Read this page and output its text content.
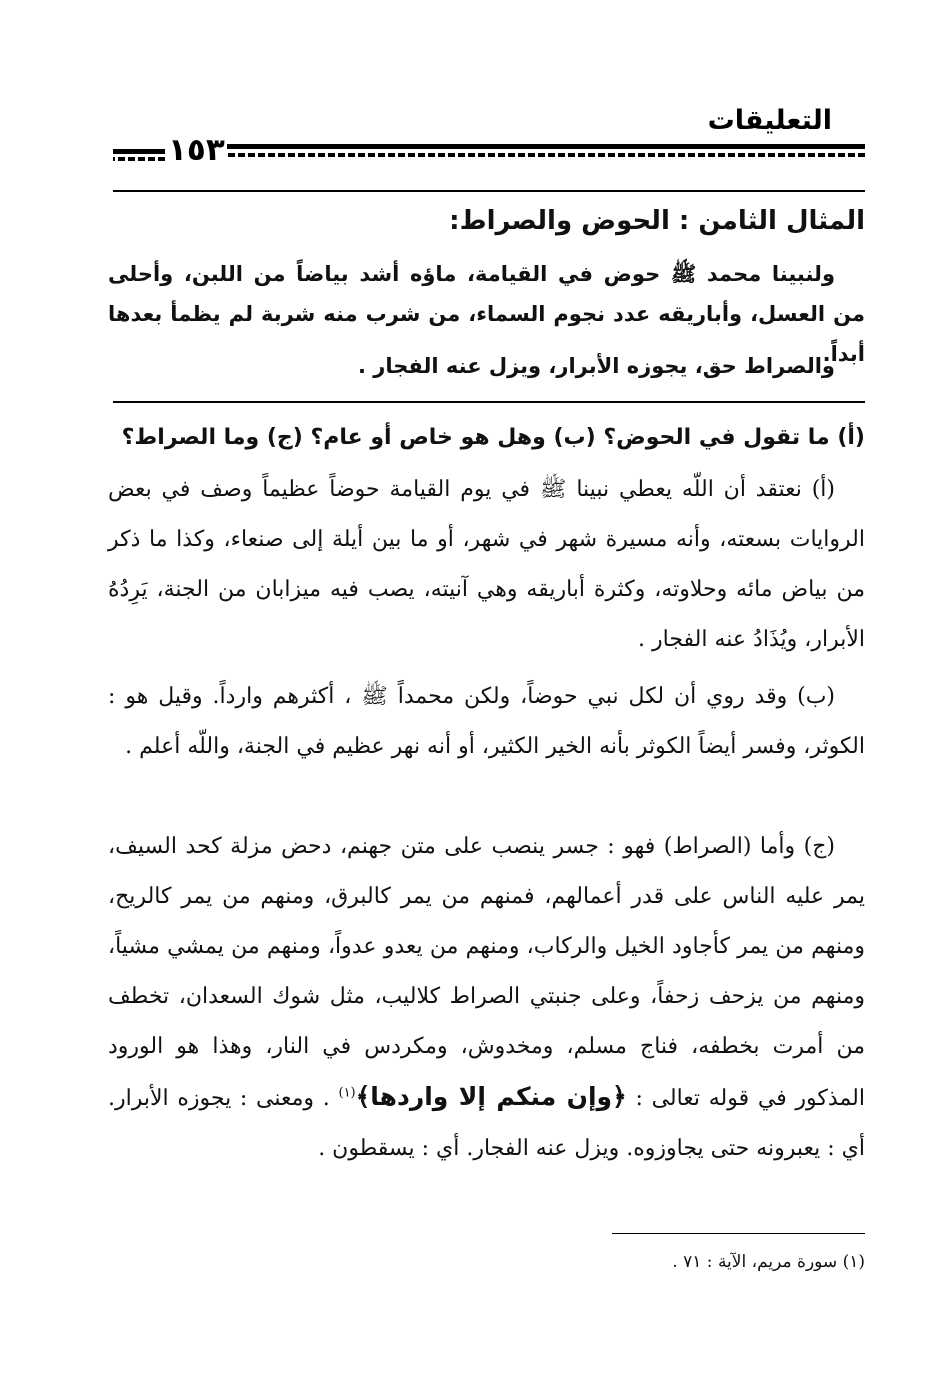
التعليقات
١٥٣
المثال الثامن : الحوض والصراط:

ولنبينا محمد ﷺ حوض في القيامة، ماؤه أشد بياضاً من اللبن، وأحلى من العسل، وأباريقه عدد نجوم السماء، من شرب منه شربة لم يظمأ بعدها أبداً.

والصراط حق، يجوزه الأبرار، ويزل عنه الفجار .

(أ) ما تقول في الحوض؟ (ب) وهل هو خاص أو عام؟ (ج) وما الصراط؟

(أ) نعتقد أن اللّه يعطي نبينا ﷺ في يوم القيامة حوضاً عظيماً وصف في بعض الروايات بسعته، وأنه مسيرة شهر في شهر، أو ما بين أيلة إلى صنعاء، وكذا ما ذكر من بياض مائه وحلاوته، وكثرة أباريقه وهي آنيته، يصب فيه ميزابان من الجنة، يَرِدُهُ الأبرار، ويُذَادُ عنه الفجار .

(ب) وقد روي أن لكل نبي حوضاً، ولكن محمداً ﷺ ، أكثرهم وارداً. وقيل هو : الكوثر، وفسر أيضاً الكوثر بأنه الخير الكثير، أو أنه نهر عظيم في الجنة، واللّه أعلم .

(ج) وأما (الصراط) فهو : جسر ينصب على متن جهنم، دحض مزلة كحد السيف، يمر عليه الناس على قدر أعمالهم، فمنهم من يمر كالبرق، ومنهم من يمر كالريح، ومنهم من يمر كأجاود الخيل والركاب، ومنهم من يعدو عدواً، ومنهم من يمشي مشياً، ومنهم من يزحف زحفاً، وعلى جنبتي الصراط كلاليب، مثل شوك السعدان، تخطف من أمرت بخطفه، فناج مسلم، ومخدوش، ومكردس في النار، وهذا هو الورود المذكور في قوله تعالى : ﴿وإن منكم إلا واردها﴾$^{(١)}$ . ومعنى : يجوزه الأبرار. أي : يعبرونه حتى يجاوزوه. ويزل عنه الفجار. أي : يسقطون .

(١) سورة مريم، الآية : ٧١ .
